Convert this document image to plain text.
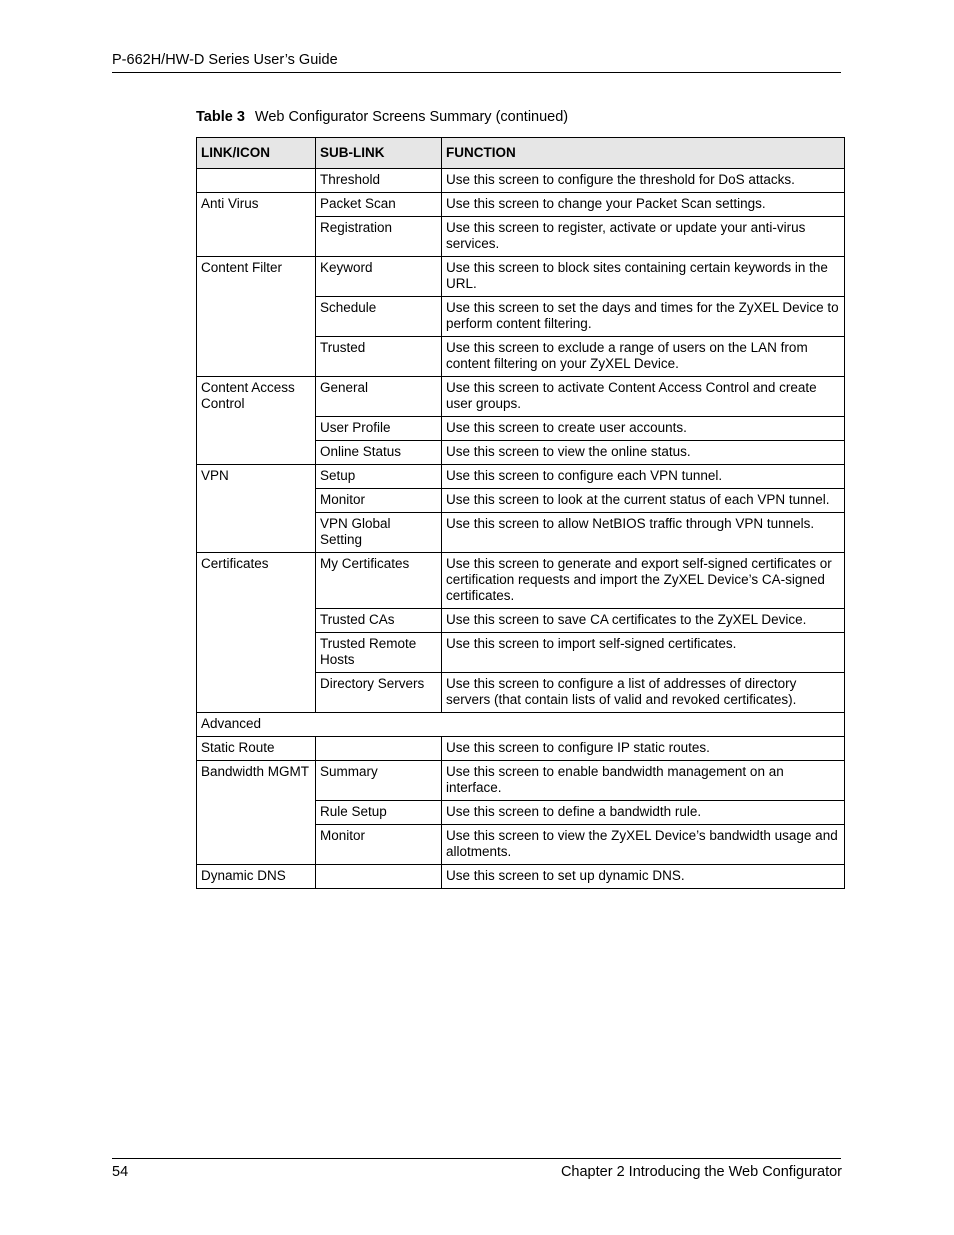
P-662H/HW-D Series User’s Guide
Table 3 Web Configurator Screens Summary (continued)
LINK/ICON	SUB-LINK	FUNCTION
	Threshold	Use this screen to configure the threshold for DoS attacks.
Anti Virus	Packet Scan	Use this screen to change your Packet Scan settings.
	Registration	Use this screen to register, activate or update your anti-virus services.
Content Filter	Keyword	Use this screen to block sites containing certain keywords in the URL.
	Schedule	Use this screen to set the days and times for the ZyXEL Device to perform content filtering.
	Trusted	Use this screen to exclude a range of users on the LAN from content filtering on your ZyXEL Device.
Content Access Control	General	Use this screen to activate Content Access Control and create user groups.
	User Profile	Use this screen to create user accounts.
	Online Status	Use this screen to view the online status.
VPN	Setup	Use this screen to configure each VPN tunnel.
	Monitor	Use this screen to look at the current status of each VPN tunnel.
	VPN Global Setting	Use this screen to allow NetBIOS traffic through VPN tunnels.
Certificates	My Certificates	Use this screen to generate and export self-signed certificates or certification requests and import the ZyXEL Device’s CA-signed certificates.
	Trusted CAs	Use this screen to save CA certificates to the ZyXEL Device.
	Trusted Remote Hosts	Use this screen to import self-signed certificates.
	Directory Servers	Use this screen to configure a list of addresses of directory servers (that contain lists of valid and revoked certificates).
Advanced		
Static Route		Use this screen to configure IP static routes.
Bandwidth MGMT	Summary	Use this screen to enable bandwidth management on an interface.
	Rule Setup	Use this screen to define a bandwidth rule.
	Monitor	Use this screen to view the ZyXEL Device’s bandwidth usage and allotments.
Dynamic DNS		Use this screen to set up dynamic DNS.
54	Chapter 2 Introducing the Web Configurator
